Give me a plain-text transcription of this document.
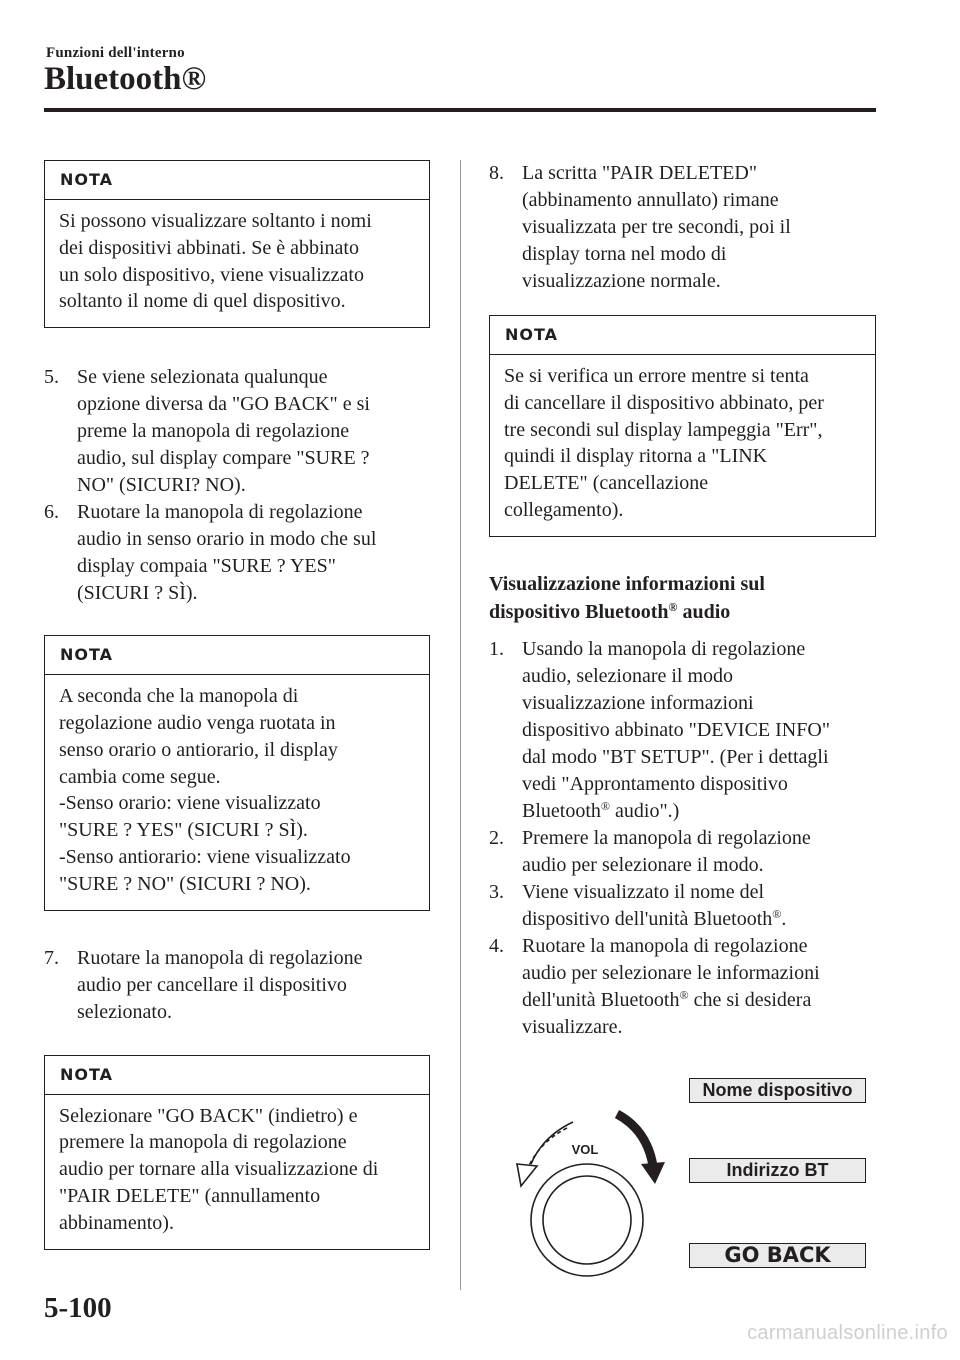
Funzioni dell'interno
Bluetooth®
NOTA
Si possono visualizzare soltanto i nomi
dei dispositivi abbinati. Se è abbinato
un solo dispositivo, viene visualizzato
soltanto il nome di quel dispositivo.
5. Se viene selezionata qualunque
opzione diversa da "GO BACK" e si
preme la manopola di regolazione
audio, sul display compare "SURE ?
NO" (SICURI? NO).
6. Ruotare la manopola di regolazione
audio in senso orario in modo che sul
display compaia "SURE ? YES"
(SICURI ? SÌ).
NOTA
A seconda che la manopola di
regolazione audio venga ruotata in
senso orario o antiorario, il display
cambia come segue.
-Senso orario: viene visualizzato
"SURE ? YES" (SICURI ? SÌ).
-Senso antiorario: viene visualizzato
"SURE ? NO" (SICURI ? NO).
7. Ruotare la manopola di regolazione
audio per cancellare il dispositivo
selezionato.
NOTA
Selezionare "GO BACK" (indietro) e
premere la manopola di regolazione
audio per tornare alla visualizzazione di
"PAIR DELETE" (annullamento
abbinamento).
8. La scritta "PAIR DELETED"
(abbinamento annullato) rimane
visualizzata per tre secondi, poi il
display torna nel modo di
visualizzazione normale.
NOTA
Se si verifica un errore mentre si tenta
di cancellare il dispositivo abbinato, per
tre secondi sul display lampeggia "Err",
quindi il display ritorna a "LINK
DELETE" (cancellazione
collegamento).
Visualizzazione informazioni sul
dispositivo Bluetooth® audio
1. Usando la manopola di regolazione
audio, selezionare il modo
visualizzazione informazioni
dispositivo abbinato "DEVICE INFO"
dal modo "BT SETUP". (Per i dettagli
vedi "Approntamento dispositivo
Bluetooth® audio".)
2. Premere la manopola di regolazione
audio per selezionare il modo.
3. Viene visualizzato il nome del
dispositivo dell'unità Bluetooth®.
4. Ruotare la manopola di regolazione
audio per selezionare le informazioni
dell'unità Bluetooth® che si desidera
visualizzare.
Nome dispositivo
Indirizzo BT
GO BACK
VOL
5-100
carmanualsonline.info
